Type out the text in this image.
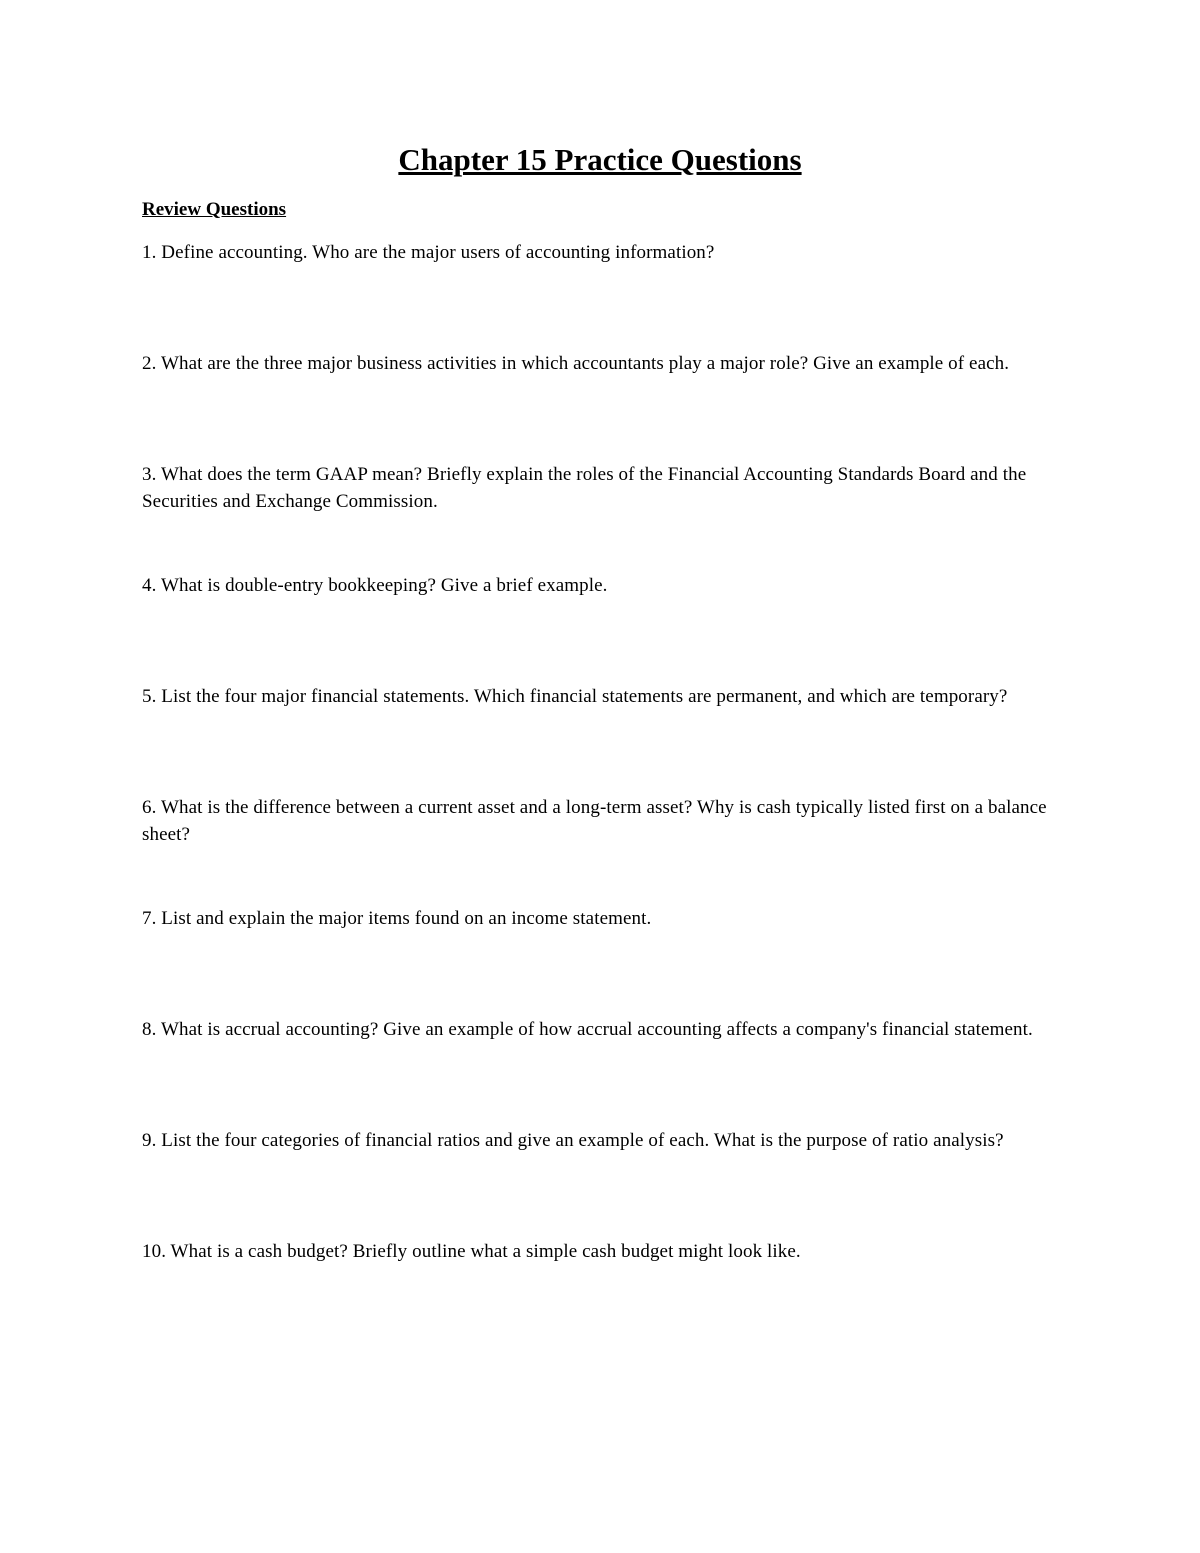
Chapter 15 Practice Questions
Review Questions
1. Define accounting. Who are the major users of accounting information?
2. What are the three major business activities in which accountants play a major role? Give an example of each.
3. What does the term GAAP mean? Briefly explain the roles of the Financial Accounting Standards Board and the Securities and Exchange Commission.
4. What is double-entry bookkeeping? Give a brief example.
5. List the four major financial statements. Which financial statements are permanent, and which are temporary?
6. What is the difference between a current asset and a long-term asset? Why is cash typically listed first on a balance sheet?
7. List and explain the major items found on an income statement.
8. What is accrual accounting? Give an example of how accrual accounting affects a company's financial statement.
9. List the four categories of financial ratios and give an example of each. What is the purpose of ratio analysis?
10. What is a cash budget? Briefly outline what a simple cash budget might look like.
